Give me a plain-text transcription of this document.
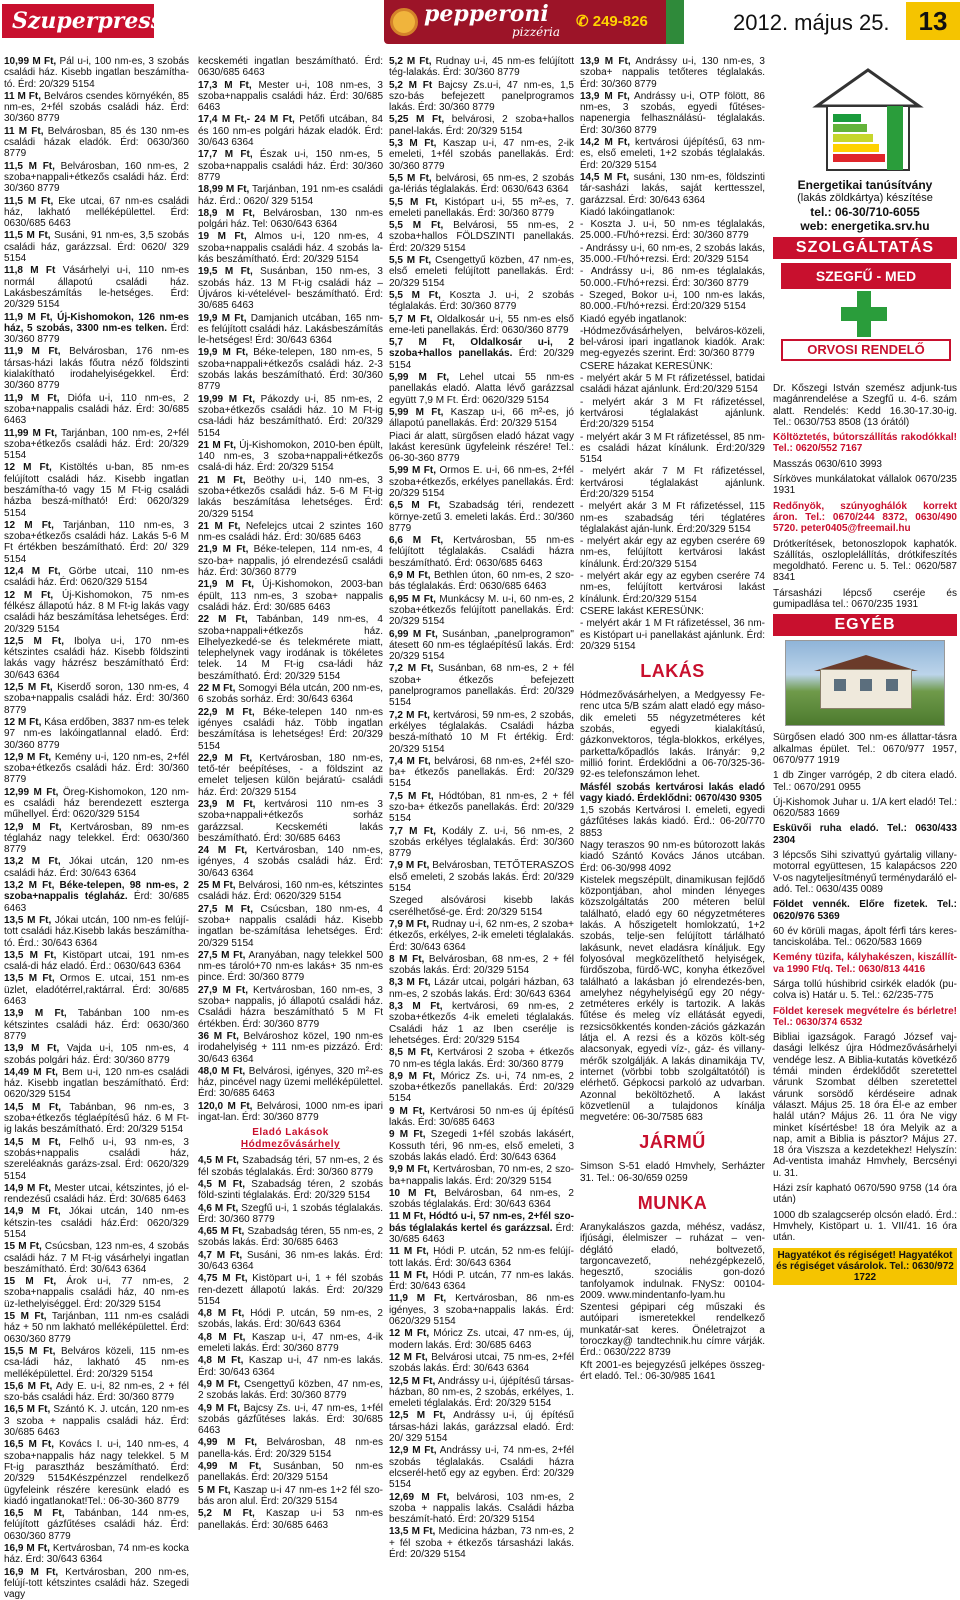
Szuperpress	pepperoni
pizzéria
✆ 249-826	2012. május 25.	13
10,99 M Ft, Pál u-i, 100 nm-es, 3 szobás családi ház. Kisebb ingatlan beszámítha-tó. Érd: 20/329 5154
11 M Ft, Belváros csendes környékén, 85 nm-es, 2+fél szobás családi ház. Érd: 30/360 8779
11 M Ft, Belvárosban, 85 és 130 nm-es családi házak eladók. Érd: 0630/360 8779
11,5 M Ft, Belvárosban, 160 nm-es, 2 szoba+nappali+étkezős családi ház. Érd: 30/360 8779
11,5 M Ft, Eke utcai, 67 nm-es családi ház, lakható melléképülettel. Érd: 0630/685 6463
11,5 M Ft, Susáni, 91 nm-es, 3,5 szobás családi ház, garázzsal. Érd: 0620/ 329 5154
11,8 M Ft Vásárhelyi u-i, 110 nm-es normál állapotú családi ház. Lakásbeszámítás le-hetséges. Érd: 20/329 5154
11,9 M Ft, Új-Kishomokon, 126 nm-es ház, 5 szobás, 3300 nm-es telken. Érd: 30/360 8779
11,9 M Ft, Belvárosban, 176 nm-es társas-házi lakás főutra néző földszinti kialakítható irodahelyiségekkel. Érd: 30/360 8779
11,9 M Ft, Diófa u-i, 110 nm-es, 2 szoba+nappalis családi ház. Érd: 30/685 6463
11,99 M Ft, Tarjánban, 100 nm-es, 2+fél szoba+étkezős családi ház. Érd: 20/329 5154
12 M Ft, Kistöltés u-ban, 85 nm-es felújított családi ház. Kisebb ingatlan beszámítha-tó vagy 15 M Ft-ig családi házba beszá-mítható! Érd: 0620/329 5154
12 M Ft, Tarjánban, 110 nm-es, 3 szoba+étkezős családi ház. Lakás 5-6 M Ft értékben beszámítható. Érd: 20/ 329 5154
12,4 M Ft, Görbe utcai, 110 nm-es családi ház. Érd: 0620/329 5154
12 M Ft, Új-Kishomokon, 75 nm-es félkész állapotú ház. 8 M Ft-ig lakás vagy családi ház beszámítása lehetséges. Érd: 20/329 5154
12,5 M Ft, Ibolya u-i, 170 nm-es kétszintes családi ház. Kisebb földszinti lakás vagy házrész beszámítható Érd: 30/643 6364
12,5 M Ft, Kiserdő soron, 130 nm-es, 4 szoba+nappalis családi ház. Érd: 30/360 8779
12 M Ft, Kása erdőben, 3837 nm-es telek 97 nm-es lakóingatlannal eladó. Érd: 30/360 8779
12,9 M Ft, Kemény u-i, 120 nm-es, 2+fél szoba+étkezős családi ház. Érd: 30/360 8779
12,99 M Ft, Öreg-Kishomokon, 120 nm-es családi ház berendezett esztergа műhellyel. Érd: 0620/329 5154
12,9 M Ft, Kertvárosban, 89 nm-es téglaház nagy telekkel. Érd: 0630/360 8779
13,2 M Ft, Jókai utcán, 120 nm-es családi ház. Érd: 30/643 6364
13,2 M Ft, Béke-telepen, 98 nm-es, 2 szoba+nappalis téglaház. Érd: 30/685 6463
13,5 M Ft, Jókai utcán, 100 nm-es felújí-tott családi ház.Kisebb lakás beszámítha-tó. Érd.: 30/643 6364
13,5 M Ft, Kistöpart utcai, 191 nm-es csalá-di ház eladó. Érd.: 0630/643 6364
13,5 M Ft, Ormos E. utcai, 151 nm-es üzlet, eladótérrel,raktárral. Érd: 30/685 6463
13,9 M Ft, Tabánban 100 nm-es kétszintes családi ház. Érd: 0630/360 8779
13,9 M Ft, Vajda u-i, 105 nm-es, 4 szobás polgári ház. Érd: 30/360 8779
14,49 M Ft, Bem u-i, 120 nm-es családi ház. Kisebb ingatlan beszámítható. Érd: 0620/329 5154
14,5 M Ft, Tabánban, 96 nm-es, 3 szoba+étkezős téglaépítésű ház. 6 M Ft-ig lakás beszámítható. Érd: 20/329 5154
14,5 M Ft, Felhő u-i, 93 nm-es, 3 szobás+nappalis családi ház, szereléaknás garázs-zsal. Érd: 0620/329 5154
14,9 M Ft, Mester utcai, kétszintes, jó el-rendezésű családi ház. Érd: 30/685 6463
14,9 M Ft, Jókai utcán, 140 nm-es kétszin-tes családi ház.Érd: 0620/329 5154
15 M Ft, Csúcsban, 123 nm-es, 4 szobás családi ház. 7 M Ft-ig vásárhelyi ingatlan beszámítható. Érd: 30/643 6364
15 M Ft, Árok u-i, 77 nm-es, 2 szoba+nappalis családi ház, 40 nm-es üz-lethelyiséggel. Érd: 20/329 5154
15 M Ft, Tarjánban, 111 nm-es családi ház + 50 nm lakható melléképülettel. Érd: 0630/360 8779
15,5 M Ft, Belváros közeli, 115 nm-es csa-ládi ház, lakható 45 nm-es melléképülettel. Érd: 20/329 5154
15,6 M Ft, Ady E. u-i, 82 nm-es, 2 + fél szo-bás családi ház. Érd: 30/360 8779
16,5 M Ft, Szántó K. J. utcán, 120 nm-es 3 szoba + nappalis családi ház. Érd: 30/685 6463
16,5 M Ft, Kovács I. u-i, 140 nm-es, 4 szoba+nappalis ház nagy telekkel. 5 M Ft-ig parasztház beszámítható. Érd: 20/329 5154Készpénzzel rendelkező ügyfeleink részére keresünk eladó es kiadó ingatlanokat!Tel.: 06-30-360 8779
16,5 M Ft, Tabánban, 144 nm-es, felújított gázfűtéses családi ház. Érd: 0630/360 8779
16,9 M Ft, Kertvárosban, 74 nm-es kocka ház. Érd: 30/643 6364
16,9 M Ft, Kertvárosban, 200 nm-es, felújí-tott kétszintes családi ház. Szegedi vagy
kecskeméti ingatlan beszámítható. Érd: 0630/685 6463
17,3 M Ft, Mester u-i, 108 nm-es, 3 szoba+nappalis családi ház. Érd: 30/685 6463
17,4 M Ft,- 24 M Ft, Petőfi utcában, 84 és 160 nm-es polgári házak eladók. Érd: 30/643 6364
17,7 M Ft, Észak u-i, 150 nm-es, 5 szoba+nappalis családi ház. Érd: 30/360 8779
18,99 M Ft, Tarjánban, 191 nm-es családi ház. Érd.: 0620/ 329 5154
18,9 M Ft, Belvárosban, 130 nm-es polgári ház. Tel: 0630/643 6364
19 M Ft, Almos u-i, 120 nm-es, 4 szoba+nappalis családi ház. 4 szobás la-kás beszámítható. Érd: 20/329 5154
19,5 M Ft, Susánban, 150 nm-es, 3 szobás ház. 13 M Ft-ig családi ház – Újváros ki-vételével- beszámítható. Érd: 30/685 6463
19,9 M Ft, Damjanich utcában, 165 nm-es felújított családi ház. Lakásbeszámítás le-hetséges! Érd: 30/643 6364
19,9 M Ft, Béke-telepen, 180 nm-es, 5 szoba+nappali+étkezős családi ház. 2-3 szobás lakás beszámítható. Érd: 30/360 8779
19,99 M Ft, Pákozdy u-i, 85 nm-es, 2 szoba+étkezős családi ház. 10 M Ft-ig csa-ládi ház beszámítható. Érd: 20/329 5154
21 M Ft, Új-Kishomokon, 2010-ben épült, 140 nm-es, 3 szoba+nappali+étkezős csalá-di ház. Érd: 20/329 5154
21 M Ft, Beöthy u-i, 140 nm-es, 3 szoba+étkezős családi ház. 5-6 M Ft-ig lakás beszámítása lehetséges. Érd: 20/329 5154
21 M Ft, Nefelejcs utcai 2 szintes 160 nm-es családi ház. Érd: 30/685 6463
21,9 M Ft, Béke-telepen, 114 nm-es, 4 szo-ba+ nappalis, jó elrendezésű családi ház. Érd: 30/360 8779
21,9 M Ft, Új-Kishomokon, 2003-ban épült, 113 nm-es, 3 szoba+ nappalis családi ház. Érd: 30/685 6463
22 M Ft, Tabánban, 149 nm-es, 4 szoba+nappali+étkezős ház. Elhelyezkedé-se és telekmérete miatt, telephelynek vagy irodának is tökéletes telek. 14 M Ft-ig csa-ládi ház beszámítható. Érd: 20/329 5154
22 M Ft, Somogyi Béla utcán, 200 nm-es, 6 szobás sorház. Érd: 30/643 6364
22,9 M Ft, Béke-telepen 140 nm-es igényes családi ház. Több ingatlan beszámítása is lehetséges! Érd: 20/329 5154
22,9 M Ft, Kertvárosban, 180 nm-es, tető-tér beépítéses, - a földszint az emelet teljesen külön bejáratú- családi ház. Érd: 20/329 5154
23,9 M Ft, kertvárosi 110 nm-es 3 szoba+nappali+étkezős sorház garázzsal. Kecskeméti lakás beszámítható. Érd: 30/685 6463
24 M Ft, Kertvárosban, 140 nm-es, igényes, 4 szobás családi ház. Érd: 30/643 6364
25 M Ft, Belvárosi, 160 nm-es, kétszintes családi ház. Érd: 0620/329 5154
27,5 M Ft, Csúcsban, 180 nm-es, 4 szoba+ nappalis családi ház. Kisebb ingatlan be-számítása lehetséges. Érd: 20/329 5154
27,5 M Ft, Aranyában, nagy telekkel 500 nm-es tároló+70 nm-es lakás+ 35 nm-es pince. Érd: 30/360 8779
27,9 M Ft, Kertvárosban, 160 nm-es, 3 szoba+ nappalis, jó állapotú családi ház. Családi házra beszámítható 5 M Ft értékben. Érd: 30/360 8779
36 M Ft, Belvároshoz közel, 190 nm-es irodahelyiség + 111 nm-es pizzázó. Érd: 30/643 6364
48,0 M Ft, Belvárosi, igényes, 320 m²-es ház, pincével nagy üzemi melléképülettel. Érd: 30/685 6463
120,0 M Ft, Belvárosi, 1000 nm-es ipari ingat-lan. Érd: 30/360 8779
Eladó Lakások
Hódmezővásárhely
4,5 M Ft, Szabadság téri, 57 nm-es, 2 és fél szobás téglalakás. Érd: 30/360 8779
4,5 M Ft, Szabadság téren, 2 szobás föld-szinti téglalakás. Érd: 20/329 5154
4,6 M Ft, Szegfű u-i, 1 szobás téglalakás. Érd: 30/360 8779
4,65 M Ft, Szabadság téren, 55 nm-es, 2 szobás lakás. Érd: 30/685 6463
4,7 M Ft, Susáni, 36 nm-es lakás. Érd: 30/643 6364
4,75 M Ft, Kistöpart u-i, 1 + fél szobás ren-dezett állapotú lakás. Érd: 20/329 5154
4,8 M Ft, Hódi P. utcán, 59 nm-es, 2 szobás, lakás. Érd: 30/643 6364
4,8 M Ft, Kaszap u-i, 47 nm-es, 4-ik emeleti lakás. Érd: 30/360 8779
4,8 M Ft, Kaszap u-i, 47 nm-es lakás. Érd: 30/643 6364
4,9 M Ft, Csengettyű közben, 47 nm-es, 2 szobás lakás. Érd: 30/360 8779
4,9 M Ft, Bajcsy Zs. u-i, 47 nm-es, 1+fél szobás gázfűtéses lakás. Érd: 30/685 6463
4,99 M Ft, Belvárosban, 48 nm-es panella-kás. Érd: 20/329 5154
4,99 M Ft, Susánban, 50 nm-es panellakás. Érd: 20/329 5154
5 M Ft, Kaszap u-i 47 nm-es 1+2 fél szo-bás aron alul. Érd: 20/329 5154
5,2 M Ft, Kaszap u-i 53 nm-es panellakás. Érd: 30/685 6463
5,2 M Ft, Rudnay u-i, 45 nm-es felújított tég-lalakás. Érd: 30/360 8779
5,2 M Ft Bajcsy Zs.u-i, 47 nm-es, 1,5 szo-bás befejezett panelprogramos lakás. Érd: 30/360 8779
5,25 M Ft, belvárosi, 2 szoba+hallos panel-lakás. Érd: 20/329 5154
5,3 M Ft, Kaszap u-i, 47 nm-es, 2-ik emeleti, 1+fél szobás panellakás. Érd: 30/360 8779
5,5 M Ft, belvárosi, 65 nm-es, 2 szobás ga-lériás téglalakás. Érd: 0630/643 6364
5,5 M Ft, Kistópart u-i, 55 m²-es, 7. emeleti panellakás. Érd: 30/360 8779
5,5 M Ft, Belvárosi, 55 nm-es, 2 szoba+hallos FÖLDSZINTI panellakás. Érd: 20/329 5154
5,5 M Ft, Csengettyű közben, 47 nm-es, első emeleti felújított panellakás. Érd: 20/329 5154
5,5 M Ft, Koszta J. u-i, 2 szobás téglalakás. Érd: 30/360 8779
5,7 M Ft, Oldalkosár u-i, 55 nm-es első eme-leti panellakás. Érd: 0630/360 8779
5,7 M Ft, Oldalkosár u-i, 2 szoba+hallos panellakás. Érd: 20/329 5154
5,99 M Ft, Lehel utcai 55 nm-es panellakás eladó. Alatta lévő garázzsal együtt 7,9 M Ft. Érd: 0620/329 5154
5,99 M Ft, Kaszap u-i, 66 m²-es, jó állapotú panellakás. Érd: 20/329 5154
Piaci ár alatt, sürgősen eladó házat vagy lakást keresünk ügyfeleink részére! Tel.: 06-30-360 8779
5,99 M Ft, Ormos E. u-i, 66 nm-es, 2+fél szoba+étkezős, erkélyes panellakás. Érd: 20/329 5154
6,5 M Ft, Szabadság téri, rendezett környe-zetű 3. emeleti lakás. Érd.: 30/360 8779
6,6 M Ft, Kertvárosban, 55 nm-es felújított téglalakás. Családi házra beszámítható. Érd: 0630/685 6463
6,9 M Ft, Bethlen úton, 60 nm-es, 2 szo-bás téglalakás. Érd: 0630/685 6463
6,95 M Ft, Munkácsy M. u-i, 60 nm-es, 2 szoba+étkezős felújított panellakás. Érd: 20/329 5154
6,99 M Ft, Susánban, „panelprogramon" átesett 60 nm-es téglaépítésű lakás. Érd: 20/329 5154
7,2 M Ft, Susánban, 68 nm-es, 2 + fél szoba+ étkezős befejezett panelprogramos panellakás. Érd: 20/329 5154
7,2 M Ft, kertvárosi, 59 nm-es, 2 szobás, erkélyes téglalakás. Családi házba beszá-mítható 10 M Ft értékig. Érd: 20/329 5154
7,4 M Ft, belvárosi, 68 nm-es, 2+fél szo-ba+ étkezős panellakás. Érd: 20/329 5154
7,5 M Ft, Hódtóban, 81 nm-es, 2 + fél szo-ba+ étkezős panellakás. Érd: 20/329 5154
7,7 M Ft, Kodály Z. u-i, 56 nm-es, 2 szobás erkélyes téglalakás. Érd: 30/360 8779
7,9 M Ft, Belvárosban, TETŐTERASZOS első emeleti, 2 szobás lakás. Érd: 20/329 5154
Szeged alsóvárosi kisebb lakás cserélhetősé-ge. Érd: 20/329 5154
7,9 M Ft, Rudnay u-i, 62 nm-es, 2 szoba+ étkezős, erkélyes, 2-ik emeleti téglalakás. Érd: 30/643 6364
8 M Ft, Belvárosban, 68 nm-es, 2 + fél szobás lakás. Érd: 20/329 5154
8,3 M Ft, Lázár utcai, polgári házban, 63 nm-es, 2 szobás lakás. Érd: 30/643 6364
8,3 M Ft, kertvárosi, 69 nm-es, 2 szoba+étkezős 4-ik emeleti téglalakás. Családi ház 1 az Iben cserélje is lehetséges. Érd: 20/329 5154
8,5 M Ft, Kertvárosi 2 szoba + étkezős 70 nm-es tégla lakás. Érd: 30/360 8779
8,9 M Ft, Móricz Zs. u-i, 74 nm-es, 2 szoba+étkezős panellakás. Érd: 20/329 5154
9 M Ft, Kertvárosi 50 nm-es új építésű lakás. Érd: 30/685 6463
9 M Ft, Szegedi 1+fél szobás lakásért, Kossuth téri, 96 nm-es, első emeleti, 3 szobás lakás eladó. Érd: 30/643 6364
9,9 M Ft, Kertvárosban, 70 nm-es, 2 szo-ba+nappalis lakás. Érd: 20/329 5154
10 M Ft, Belvárosban, 64 nm-es, 2 szobás téglalakás. Érd: 30/643 6364
11 M Ft, Hódtó u-i, 57 nm-es, 2+fél szo-bás téglalakás kertel és garázzsal. Érd: 30/685 6463
11 M Ft, Hódi P. utcán, 52 nm-es felújí-tott lakás. Érd: 30/643 6364
11 M Ft, Hódi P. utcán, 77 nm-es lakás. Érd: 30/643 6364
11,9 M Ft, Kertvárosban, 86 nm-es igényes, 3 szoba+nappalis lakás. Érd: 0620/329 5154
12 M Ft, Móricz Zs. utcai, 47 nm-es, új, modern lakás. Érd: 30/685 6463
12 M Ft, Belvárosi utcai, 75 nm-es, 2+fél szobás lakás. Érd: 30/643 6364
12,5 M Ft, Andrássy u-i, újépítésű társas-házban, 80 nm-es, 2 szobás, erkélyes, 1. emeleti téglalakás. Érd: 20/329 5154
12,5 M Ft, Andrássy u-i, új építésű társas-házi lakás, garázzsal eladó. Érd: 20/ 329 5154
12,9 M Ft, Andrássy u-i, 74 nm-es, 2+fél szobás téglalakás. Családi házra elcserél-hető egy az egyben. Érd: 20/329 5154
12,69 M Ft, belvárosi, 103 nm-es, 2 szoba + nappalis lakás. Családi házba beszámít-ható. Érd: 20/329 5154
13,5 M Ft, Medicina házban, 73 nm-es, 2 + fél szoba + étkezős társasházi lakás. Érd: 20/329 5154
13,9 M Ft, Andrássy u-i, 130 nm-es, 3 szoba+ nappalis tetőteres téglalakás. Érd: 30/360 8779
13,9 M Ft, Andrássy u-i, OTP fölött, 86 nm-es, 3 szobás, egyedi fűtéses- napenergia felhasználású- téglalakás. Érd: 30/360 8779
14,2 M Ft, kertvárosi újépítésű, 63 nm-es, első emeleti, 1+2 szobás téglalakás. Érd: 20/329 5154
14,5 M Ft, susáni, 130 nm-es, földszinti tár-sasházi lakás, saját kerttesszel, garázzsal. Érd: 30/643 6364
Kiadó lakóingatlanok:
- Koszta J. u-i, 50 nm-es téglalakás, 25.000.-Ft/hó+rezsi. Érd: 30/360 8779
- Andrássy u-i, 60 nm-es, 2 szobás lakás, 35.000.-Ft/hó+rezsi. Érd: 20/329 5154
- Andrássy u-i, 86 nm-es téglalakás, 50.000.-Ft/hó+rezsi. Érd: 30/360 8779
- Szeged, Bokor u-i, 100 nm-es lakás, 80.000.-Ft/hó+rezsi. Érd:20/329 5154
Kiadó egyéb ingatlanok:
-Hódmezővásárhelyen, belváros-közeli, bel-városi ipari ingatlanok kiadók. Arak: meg-egyezés szerint. Érd: 30/360 8779
CSERE házakat KERESÜNK:
- melyért akár 5 M Ft ráfizetéssel, batidai családi házat ajánlunk. Érd:20/329 5154
- melyért akár 3 M Ft ráfizetéssel, kertvárosi téglalakást ajánlunk. Érd:20/329 5154
- melyért akár 3 M Ft ráfizetéssel, 85 nm-es családi házat kínálunk. Érd:20/329 5154
- melyért akár 7 M Ft ráfizetéssel, kertvárosi téglalakást ajánlunk. Érd:20/329 5154
- melyért akár 3 M Ft ráfizetéssel, 115 nm-es szabadság téri téglatéres téglalakást aján-lunk. Érd:20/329 5154
- melyért akár egy az egyben cserére 69 nm-es, felújított kertvárosi lakást kínálunk. Érd:20/329 5154
- melyért akár egy az egyben cserére 74 nm-es, felújított kertvárosi lakást kínálunk. Érd:20/329 5154
CSERE lakást KERESÜNK:
- melyért akár 1 M Ft ráfizetéssel, 36 nm-es Kistópart u-i panellakást ajánlunk. Érd: 20/329 5154
LAKÁS
Hódmezővásárhelyen, a Medgyessy Fe-renc utca 5/B szám alatt eladó egy máso-dik emeleti 55 négyzetméteres két szobás, egyedi kialakítású, gázkonvektoros, tégla-blokkos, erkélyes, parketta/kőpadlós lakás. Irányár: 9,2 millió forint. Érdeklődni a 06-70/325-36-92-es telefonszámon lehet.
Másfél szobás kertvárosi lakás eladó vagy kiadó. Érdeklődni: 0670/430 9305
1,5 szobás Kertvárosi I. emeleti, egyedi gázfűtéses lakás kiadó. Érd.: 06-20/770 8853
Nagy teraszos 90 nm-es bútorozott lakás kiadó Szántó Kovács János utcában. Érd: 06-30/998 4092
Kistelek megszépült, dinamikusan fejlődő központjában, ahol minden lényeges közszolgáltatás 200 méteren belül található, eladó egy 60 négyzetméteres lakás. A hőszigetelt homlokzatú, 1+2 szobás, telje-sen felújított tárlálható lakásunk, nevet eladásra kínáljuk. Egy folyosóval megközelíthető helyiségek, fürdőszoba, fürdő-WC, konyha étkezővel található a lakásban jó elrendezés-ben, amelyhez négyhelyiségű egy 20 négy-zetméteres erkély is tartozik. A lakás fűtése és meleg víz ellátását egyedi, rezsicsökkentés konden-zációs gázkazán látja el. A rezsi és a közös költ-ség alacsonyak, egyedi víz-, gáz- és villany-mérők szolgálják. A lakás dinamikája TV, internet (vörbbi tobb szolgáltatótól) is elérhető. Gépkocsi parkoló az udvarban. Azonnal beköltözhető. A lakást közvetlenül a tulajdonos kínálja megvetére: 06-30/7585 683
JÁRMŰ
Simson S-51 eladó Hmvhely, Serházter 31. Tel.: 06-30/659 0259
MUNKA
Aranykalászos gazda, méhész, vadász, ifjúsági, élelmiszer – ruházat – ven-déglátó eladó, boltvezető, targoncavezető, nehézgépkezelő, hegesztő, szociális gon-dozó tanfolyamok indulnak. FNySz: 00104-2009. www.mindentanfo-lyam.hu
Szentesi gépipari cég műszaki és autóipari ismeretekkel rendelkező munkatár-sat keres. Önéletrajzot a toroczkay@ tandtechnik.hu címre várják. Érd.: 0630/222 8739
Kft 2001-es bejegyzésű jelképes összeg-ért eladó. Tel.: 06-30/985 1641
Energetikai tanúsítvány
(lakás zöldkártya) készítése
tel.: 06-30/710-6055
web: energetika.srv.hu
SZOLGÁLTATÁS
SZEGFŰ - MED
ORVOSI RENDELŐ
Dr. Kőszegi István szemész adjunk-tus magánrendelése a Szegfű u. 4-6. szám alatt. Rendelés: Kedd 16.30-17.30-ig. Tel.: 0630/753 8508 (13 órától)
Költöztetés, bútorszállítás rakodókkal! Tel.: 0620/552 7167
Masszás 0630/610 3993
Sírköves munkálatokat vállalok 0670/235 1931
Redőnyök, szúnyoghálók korrekt áron. Tel.: 0670/244 8372, 0630/490 5720. peter0405@freemail.hu
Drótkerítések, betonoszlopok kaphatók. Szállítás, oszloplelállítás, drótkifeszítés megoldható. Ferenc u. 5. Tel.: 0620/587 8341
Társasházi lépcső cseréje és gumipadlása tel.: 0670/235 1931
EGYÉB
Sürgősen eladó 300 nm-es állattar-tásra alkalmas épület. Tel.: 0670/977 1957, 0670/977 1919
1 db Zinger varrógép, 2 db citera eladó. Tel.: 0670/291 0955
Új-Kishomok Juhar u. 1/A kert eladó! Tel.: 0620/583 1669
Esküvői ruha eladó. Tel.: 0630/433 2304
3 lépcsős Sihi szivattyú gyártalig villany-motorral együttesen, 15 kalapácsos 220 V-os nagyteljesítményű terménydaráló el-adó. Tel.: 0630/435 0089
Földet vennék. Előre fizetek. Tel.: 0620/976 5369
60 év körüli magas, ápolt férfi társ keres-tanciskolába. Tel.: 0620/583 1669
Kemény tüzifa, kályhakészen, kiszállít-va 1990 Ft/q. Tel.: 0630/813 4416
Sárga tollú húshibrid csirkék eladók (pu-colva is) Határ u. 5. Tel.: 62/235-775
Földet keresek megvételre és bérletre! Tel.: 0630/374 6532
Bibliai igazságok. Faragó József vaj-dasági lelkész újra Hódmezővásárhelyi vendége lesz. A Biblia-kutatás követkéző témái minden érdeklődőt szeretettel várunk Szombat délben szeretettel várunk sorsödő kérdéseire adnak választ. Május 25. 18 óra Él-e az ember halál után? Május 26. 11 óra Ne vigy minket kísértésbe! 18 óra Melyik az a nap, amit a Biblia is pásztor? Május 27. 18 óra Viszsza a kezdetekhez! Helyszín: Ad-ventista imaház Hmvhely, Bercsényi u. 31.
Házi zsír kapható 0670/590 9758 (14 óra után)
1000 db szalagcserép olcsón eladó. Érd.: Hmvhely, Kistöpart u. 1. VII/41. 16 óra után.
Hagyatékot és régiséget! Hagyatékot és régiséget vásárolok. Tel.: 0630/972 1722
